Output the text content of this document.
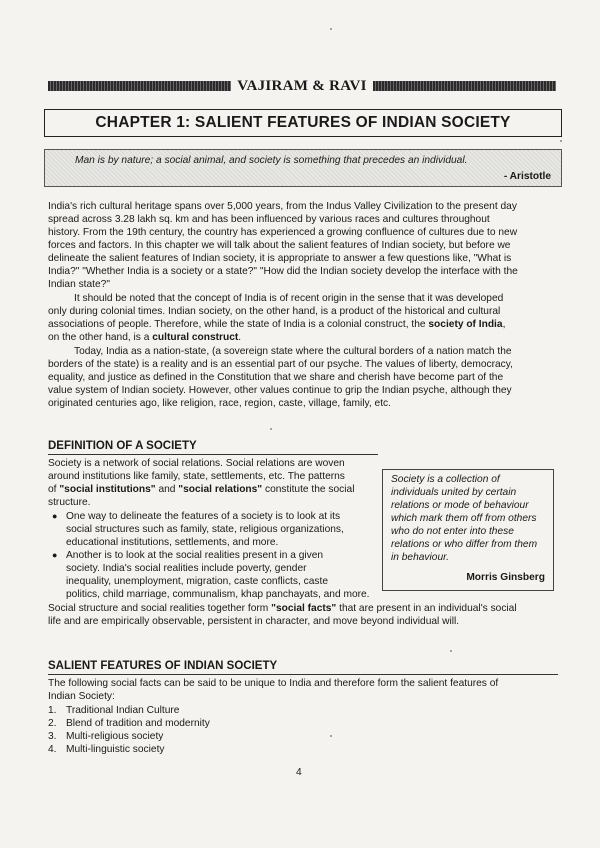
VAJIRAM & RAVI
CHAPTER 1: SALIENT FEATURES OF INDIAN SOCIETY
Man is by nature; a social animal, and society is something that precedes an individual.
- Aristotle
India's rich cultural heritage spans over 5,000 years, from the Indus Valley Civilization to the present day
spread across 3.28 lakh sq. km and has been influenced by various races and cultures throughout
history. From the 19th century, the country has experienced a growing confluence of cultures due to new
forces and factors. In this chapter we will talk about the salient features of Indian society, but before we
delineate the salient features of Indian society, it is appropriate to answer a few questions like, "What is
India?" "Whether India is a society or a state?" "How did the Indian society develop the interface with the
Indian state?"
It should be noted that the concept of India is of recent origin in the sense that it was developed
only during colonial times. Indian society, on the other hand, is a product of the historical and cultural
associations of people. Therefore, while the state of India is a colonial construct, the society of India,
on the other hand, is a cultural construct.
Today, India as a nation-state, (a sovereign state where the cultural borders of a nation match the
borders of the state) is a reality and is an essential part of our psyche. The values of liberty, democracy,
equality, and justice as defined in the Constitution that we share and cherish have become part of the
value system of Indian society. However, other values continue to grip the Indian psyche, although they
originated centuries ago, like religion, race, region, caste, village, family, etc.
DEFINITION OF A SOCIETY
Society is a network of social relations. Social relations are woven
around institutions like family, state, settlements, etc. The patterns
of "social institutions" and "social relations" constitute the social
structure.
● One way to delineate the features of a society is to look at its
social structures such as family, state, religious organizations,
educational institutions, settlements, and more.
● Another is to look at the social realities present in a given
society. India's social realities include poverty, gender
inequality, unemployment, migration, caste conflicts, caste
politics, child marriage, communalism, khap panchayats, and more.
Social structure and social realities together form "social facts" that are present in an individual's social
life and are empirically observable, persistent in character, and move beyond individual will.
Society is a collection of
individuals united by certain
relations or mode of behaviour
which mark them off from others
who do not enter into these
relations or who differ from them
in behaviour.
Morris Ginsberg
SALIENT FEATURES OF INDIAN SOCIETY
The following social facts can be said to be unique to India and therefore form the salient features of
Indian Society:
1. Traditional Indian Culture
2. Blend of tradition and modernity
3. Multi-religious society
4. Multi-linguistic society
4
